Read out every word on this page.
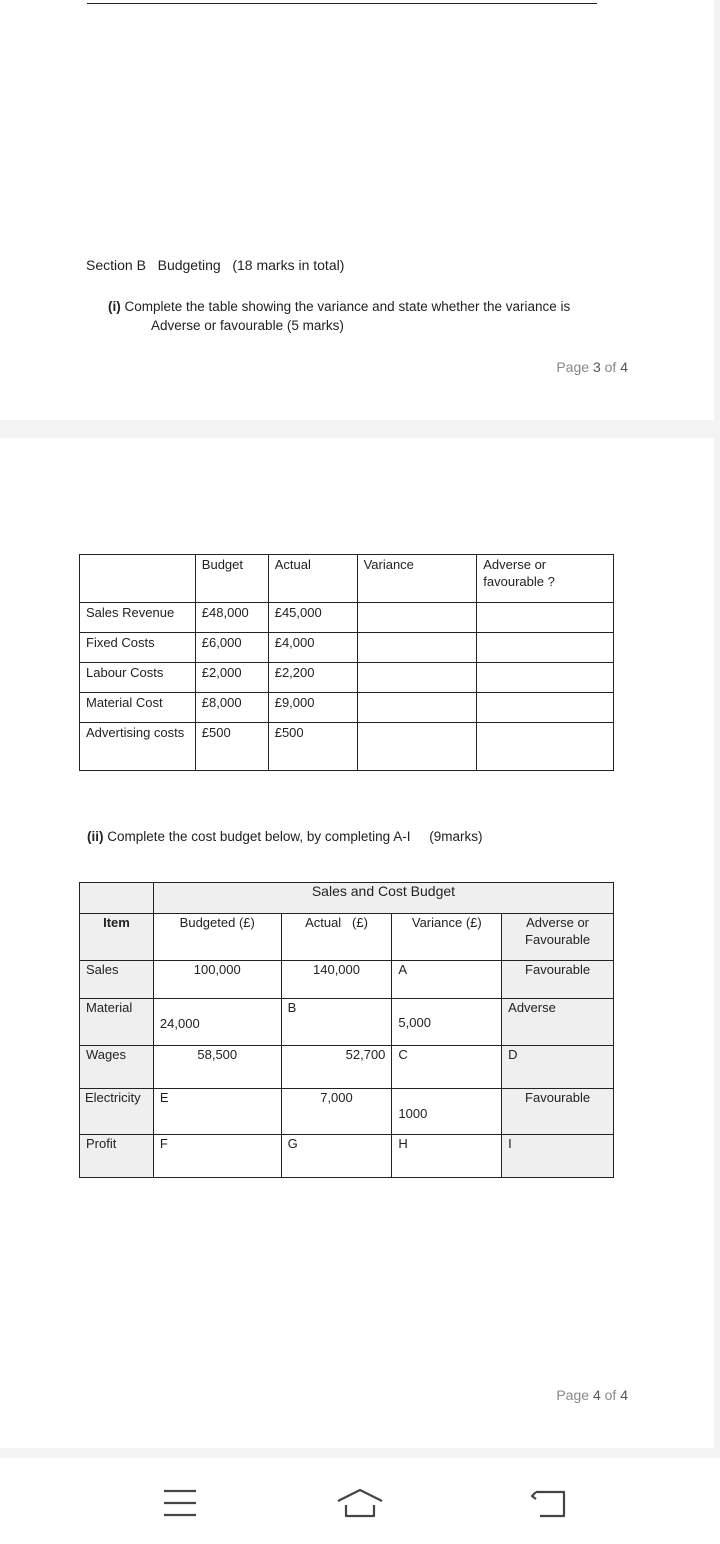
Section B Budgeting (18 marks in total)
(i) Complete the table showing the variance and state whether the variance is
Adverse or favourable (5 marks)
Page 3 of 4
	Budget	Actual	Variance	Adverse or favourable ?
Sales Revenue	£48,000	£45,000		
Fixed Costs	£6,000	£4,000		
Labour Costs	£2,000	£2,200		
Material Cost	£8,000	£9,000		
Advertising costs	£500	£500		
(ii) Complete the cost budget below, by completing A-I (9marks)
	Sales and Cost Budget			
Item	Budgeted (£)	Actual   (£)	Variance (£)	Adverse or Favourable
Sales	100,000	140,000	A	Favourable
Material	24,000	B	5,000	Adverse
Wages	58,500	52,700	C	D
Electricity	E	7,000	1000	Favourable
Profit	F	G	H	I
Page 4 of 4
